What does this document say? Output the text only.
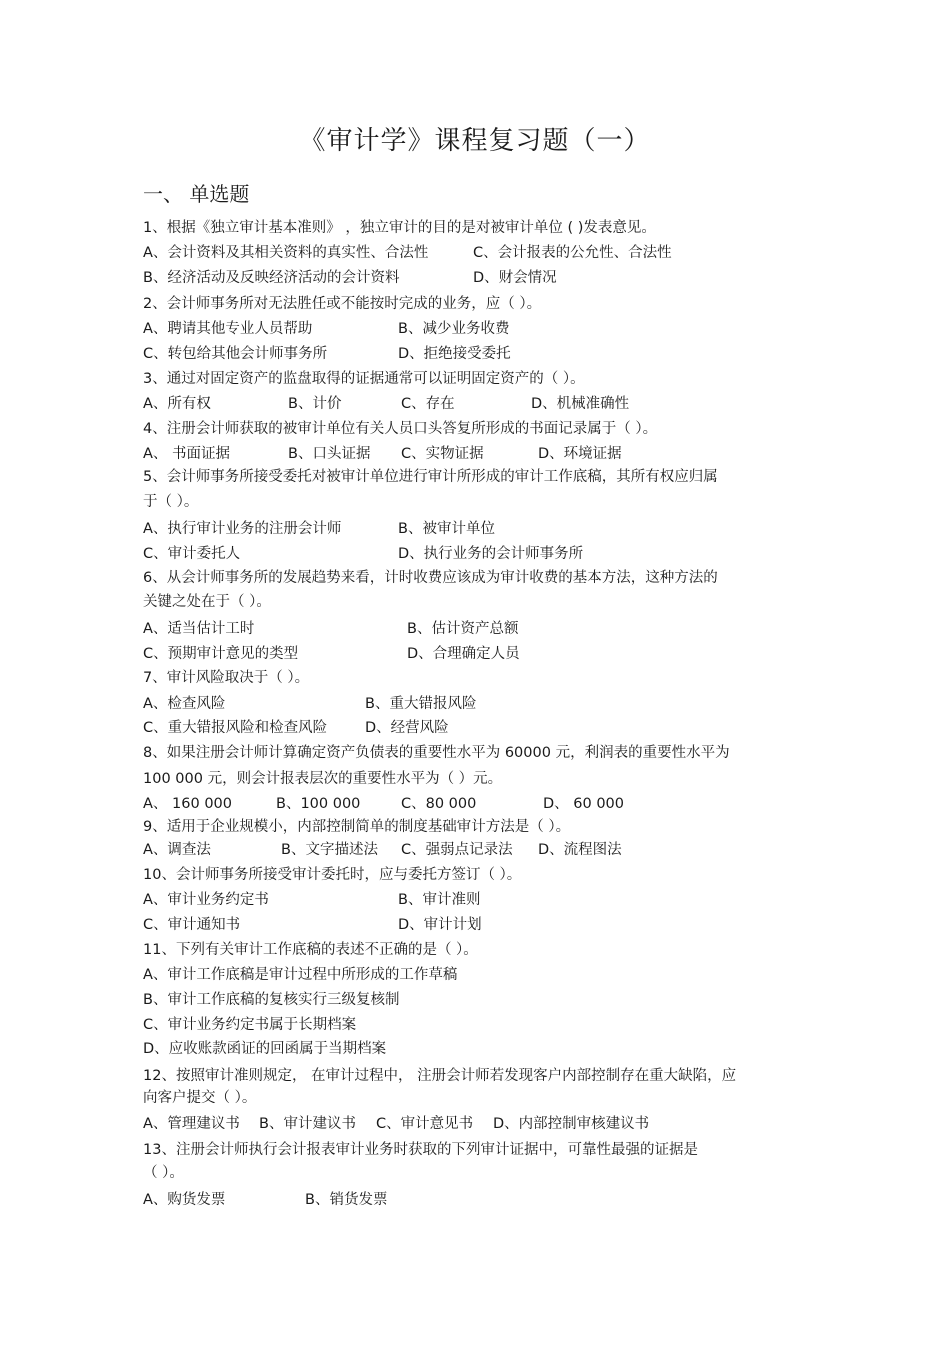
《审计学》课程复习题（一）
一、 单选题
1、根据《独立审计基本准则》 ，独立审计的目的是对被审计单位 ( )发表意见。
A、会计资料及其相关资料的真实性、合法性	C、会计报表的公允性、合法性
B、经济活动及反映经济活动的会计资料	D、财会情况
2、会计师事务所对无法胜任或不能按时完成的业务，应（ ）。
A、聘请其他专业人员帮助	B、减少业务收费
C、转包给其他会计师事务所	D、拒绝接受委托
3、通过对固定资产的监盘取得的证据通常可以证明固定资产的（ ）。
A、所有权	B、计价	C、存在	D、机械准确性
4、注册会计师获取的被审计单位有关人员口头答复所形成的书面记录属于（ ）。
A、 书面证据	B、口头证据 C、实物证据	D、环境证据
5、会计师事务所接受委托对被审计单位进行审计所形成的审计工作底稿，其所有权应归属
于（ ）。
A、执行审计业务的注册会计师	B、被审计单位
C、审计委托人	D、执行业务的会计师事务所
6、从会计师事务所的发展趋势来看，计时收费应该成为审计收费的基本方法，这种方法的
关键之处在于（ ）。
A、适当估计工时	B、估计资产总额
C、预期审计意见的类型	D、合理确定人员
7、审计风险取决于（ ）。
A、检查风险	B、重大错报风险
C、重大错报风险和检查风险	D、经营风险
8、如果注册会计师计算确定资产负债表的重要性水平为 60000 元，利润表的重要性水平为
100 000 元，则会计报表层次的重要性水平为（ ）元。
A、 160 000	B、100 000	C、80 000	D、 60 000
9、适用于企业规模小，内部控制简单的制度基础审计方法是（ ）。
A、调查法	B、文字描述法 C、强弱点记录法 D、流程图法
10、会计师事务所接受审计委托时，应与委托方签订（ ）。
A、审计业务约定书	B、审计准则
C、审计通知书	D、审计计划
11、下列有关审计工作底稿的表述不正确的是（ ）。
A、审计工作底稿是审计过程中所形成的工作草稿
B、审计工作底稿的复核实行三级复核制
C、审计业务约定书属于长期档案
D、应收账款函证的回函属于当期档案
12、按照审计准则规定， 在审计过程中， 注册会计师若发现客户内部控制存在重大缺陷，应
向客户提交（ ）。
A、管理建议书 B、审计建议书 C、审计意见书 D、内部控制审核建议书
13、注册会计师执行会计报表审计业务时获取的下列审计证据中，可靠性最强的证据是
（ ）。
A、购货发票	B、销货发票
